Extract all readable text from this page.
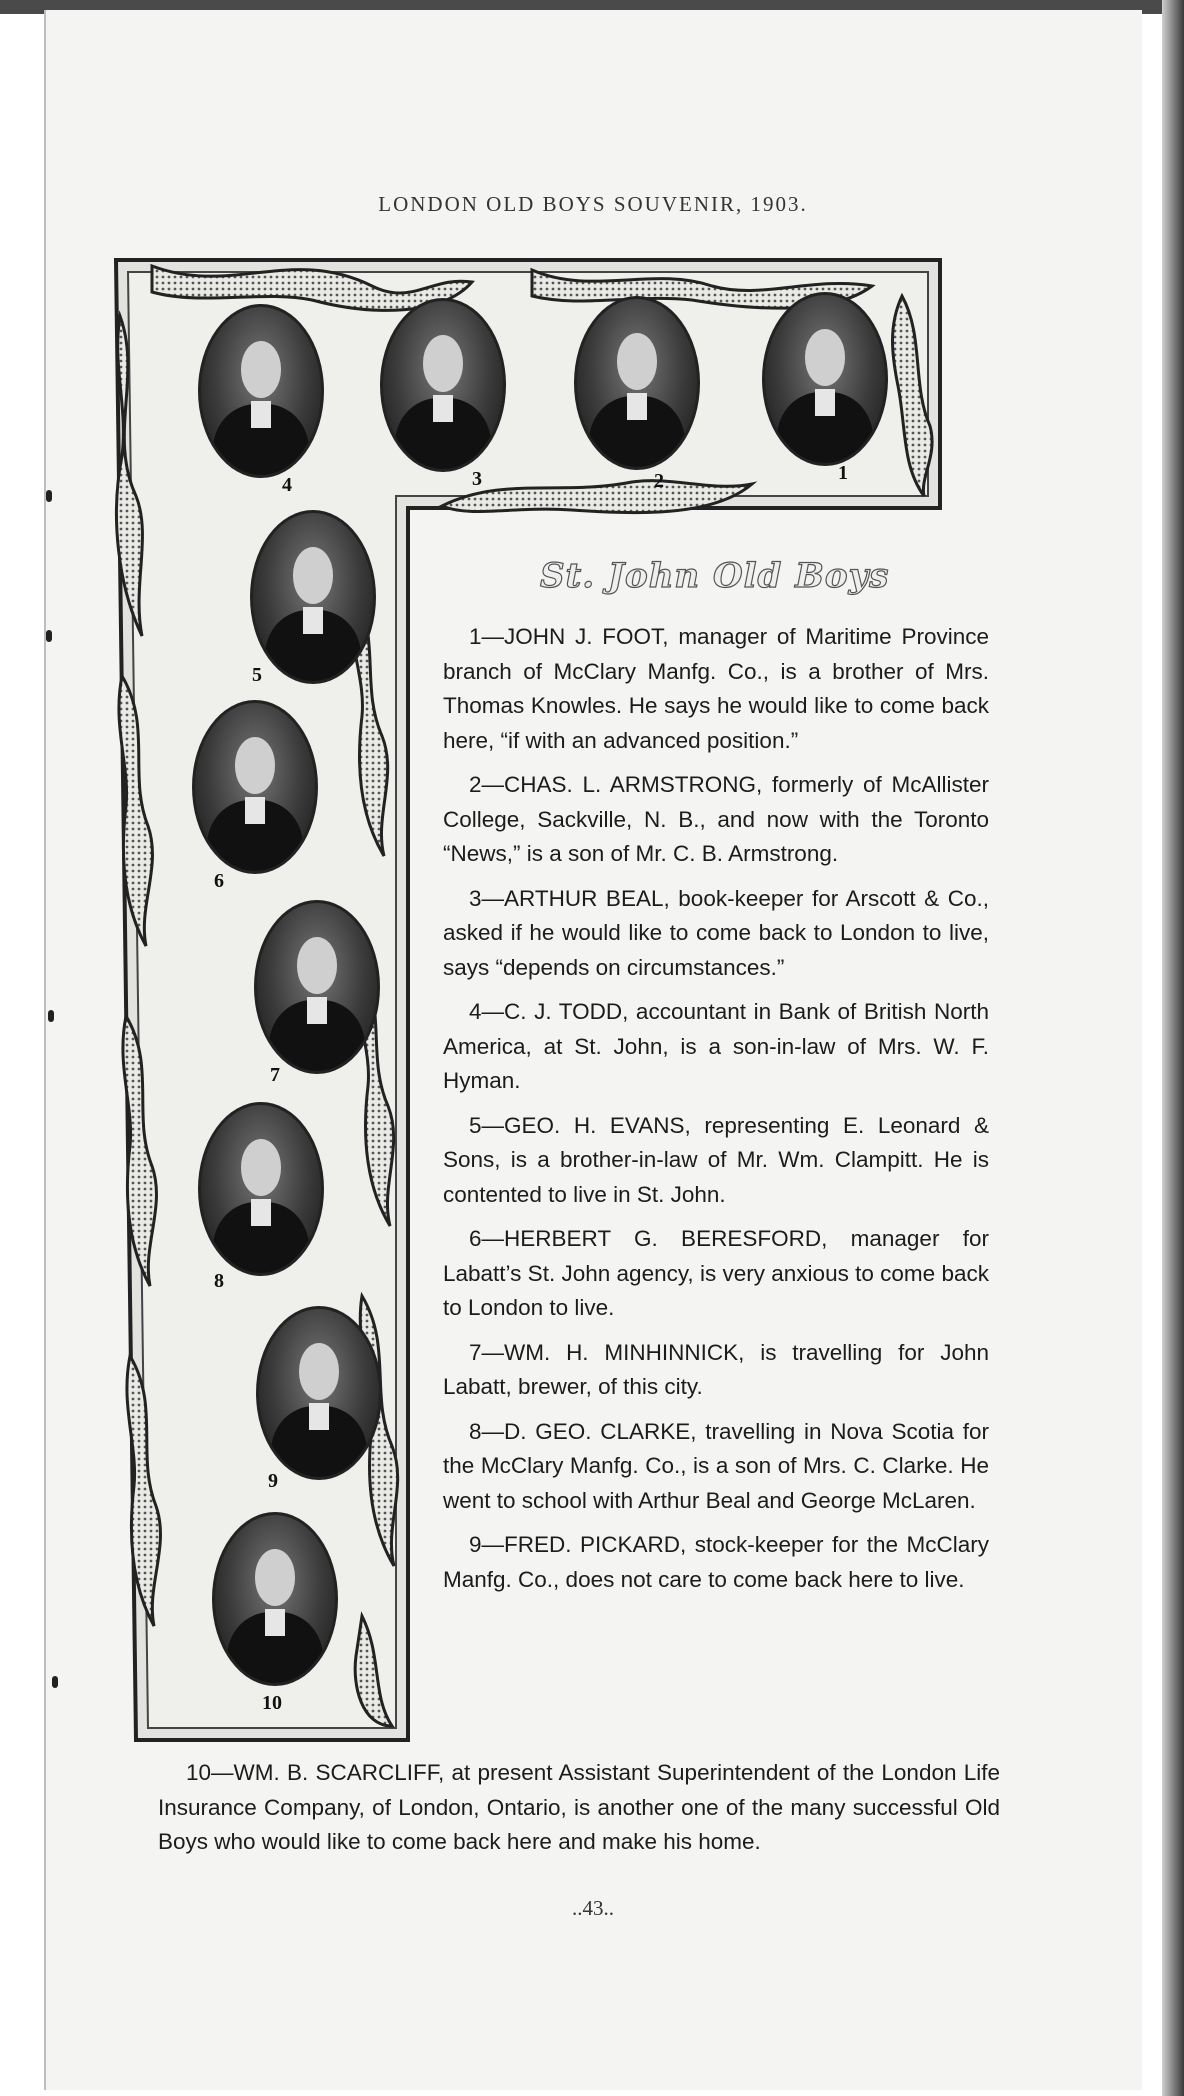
LONDON OLD BOYS SOUVENIR, 1903.
4	3	2	1
5
6
7
8
9
10
St. John Old Boys

1—JOHN J. FOOT, manager of Maritime Province branch of McClary Manfg. Co., is a brother of Mrs. Thomas Knowles. He says he would like to come back here, “if with an advanced position.”

2—CHAS. L. ARMSTRONG, formerly of McAllister College, Sackville, N. B., and now with the Toronto “News,” is a son of Mr. C. B. Armstrong.

3—ARTHUR BEAL, book-keeper for Arscott & Co., asked if he would like to come back to London to live, says “depends on circumstances.”

4—C. J. TODD, accountant in Bank of British North America, at St. John, is a son-in-law of Mrs. W. F. Hyman.

5—GEO. H. EVANS, representing E. Leonard & Sons, is a brother-in-law of Mr. Wm. Clampitt. He is contented to live in St. John.

6—HERBERT G. BERESFORD, manager for Labatt’s St. John agency, is very anxious to come back to London to live.

7—WM. H. MINHINNICK, is travelling for John Labatt, brewer, of this city.

8—D. GEO. CLARKE, travelling in Nova Scotia for the McClary Manfg. Co., is a son of Mrs. C. Clarke. He went to school with Arthur Beal and George McLaren.

9—FRED. PICKARD, stock-keeper for the McClary Manfg. Co., does not care to come back here to live.

10—WM. B. SCARCLIFF, at present Assistant Superintendent of the London Life Insurance Company, of London, Ontario, is another one of the many successful Old Boys who would like to come back here and make his home.

..43..
